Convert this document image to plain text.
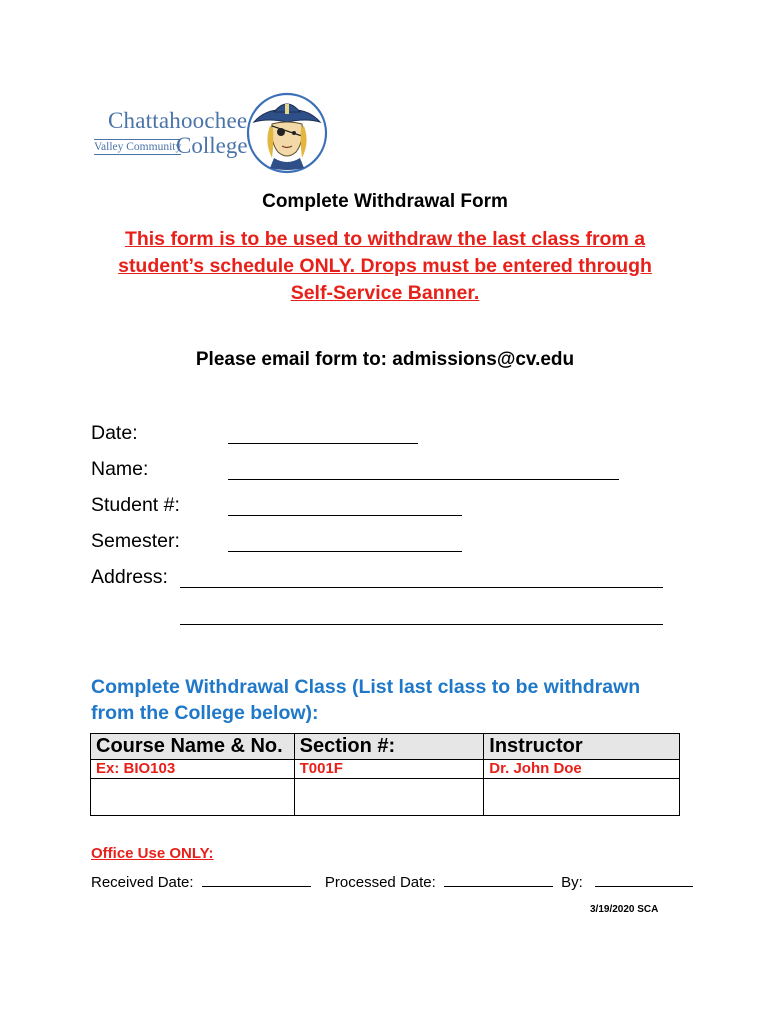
Chattahoochee
Valley Community
College
Complete Withdrawal Form
This form is to be used to withdraw the last class from a
student’s schedule ONLY. Drops must be entered through
Self-Service Banner.
Please email form to: admissions@cv.edu
Date:
Name:
Student #:
Semester:
Address:
Complete Withdrawal Class (List last class to be withdrawn
from the College below):
Course Name & No.	Section #:	Instructor
Ex: BIO103	T001F	Dr. John Doe

Office Use ONLY:
Received Date:	Processed Date:	By:
3/19/2020 SCA
